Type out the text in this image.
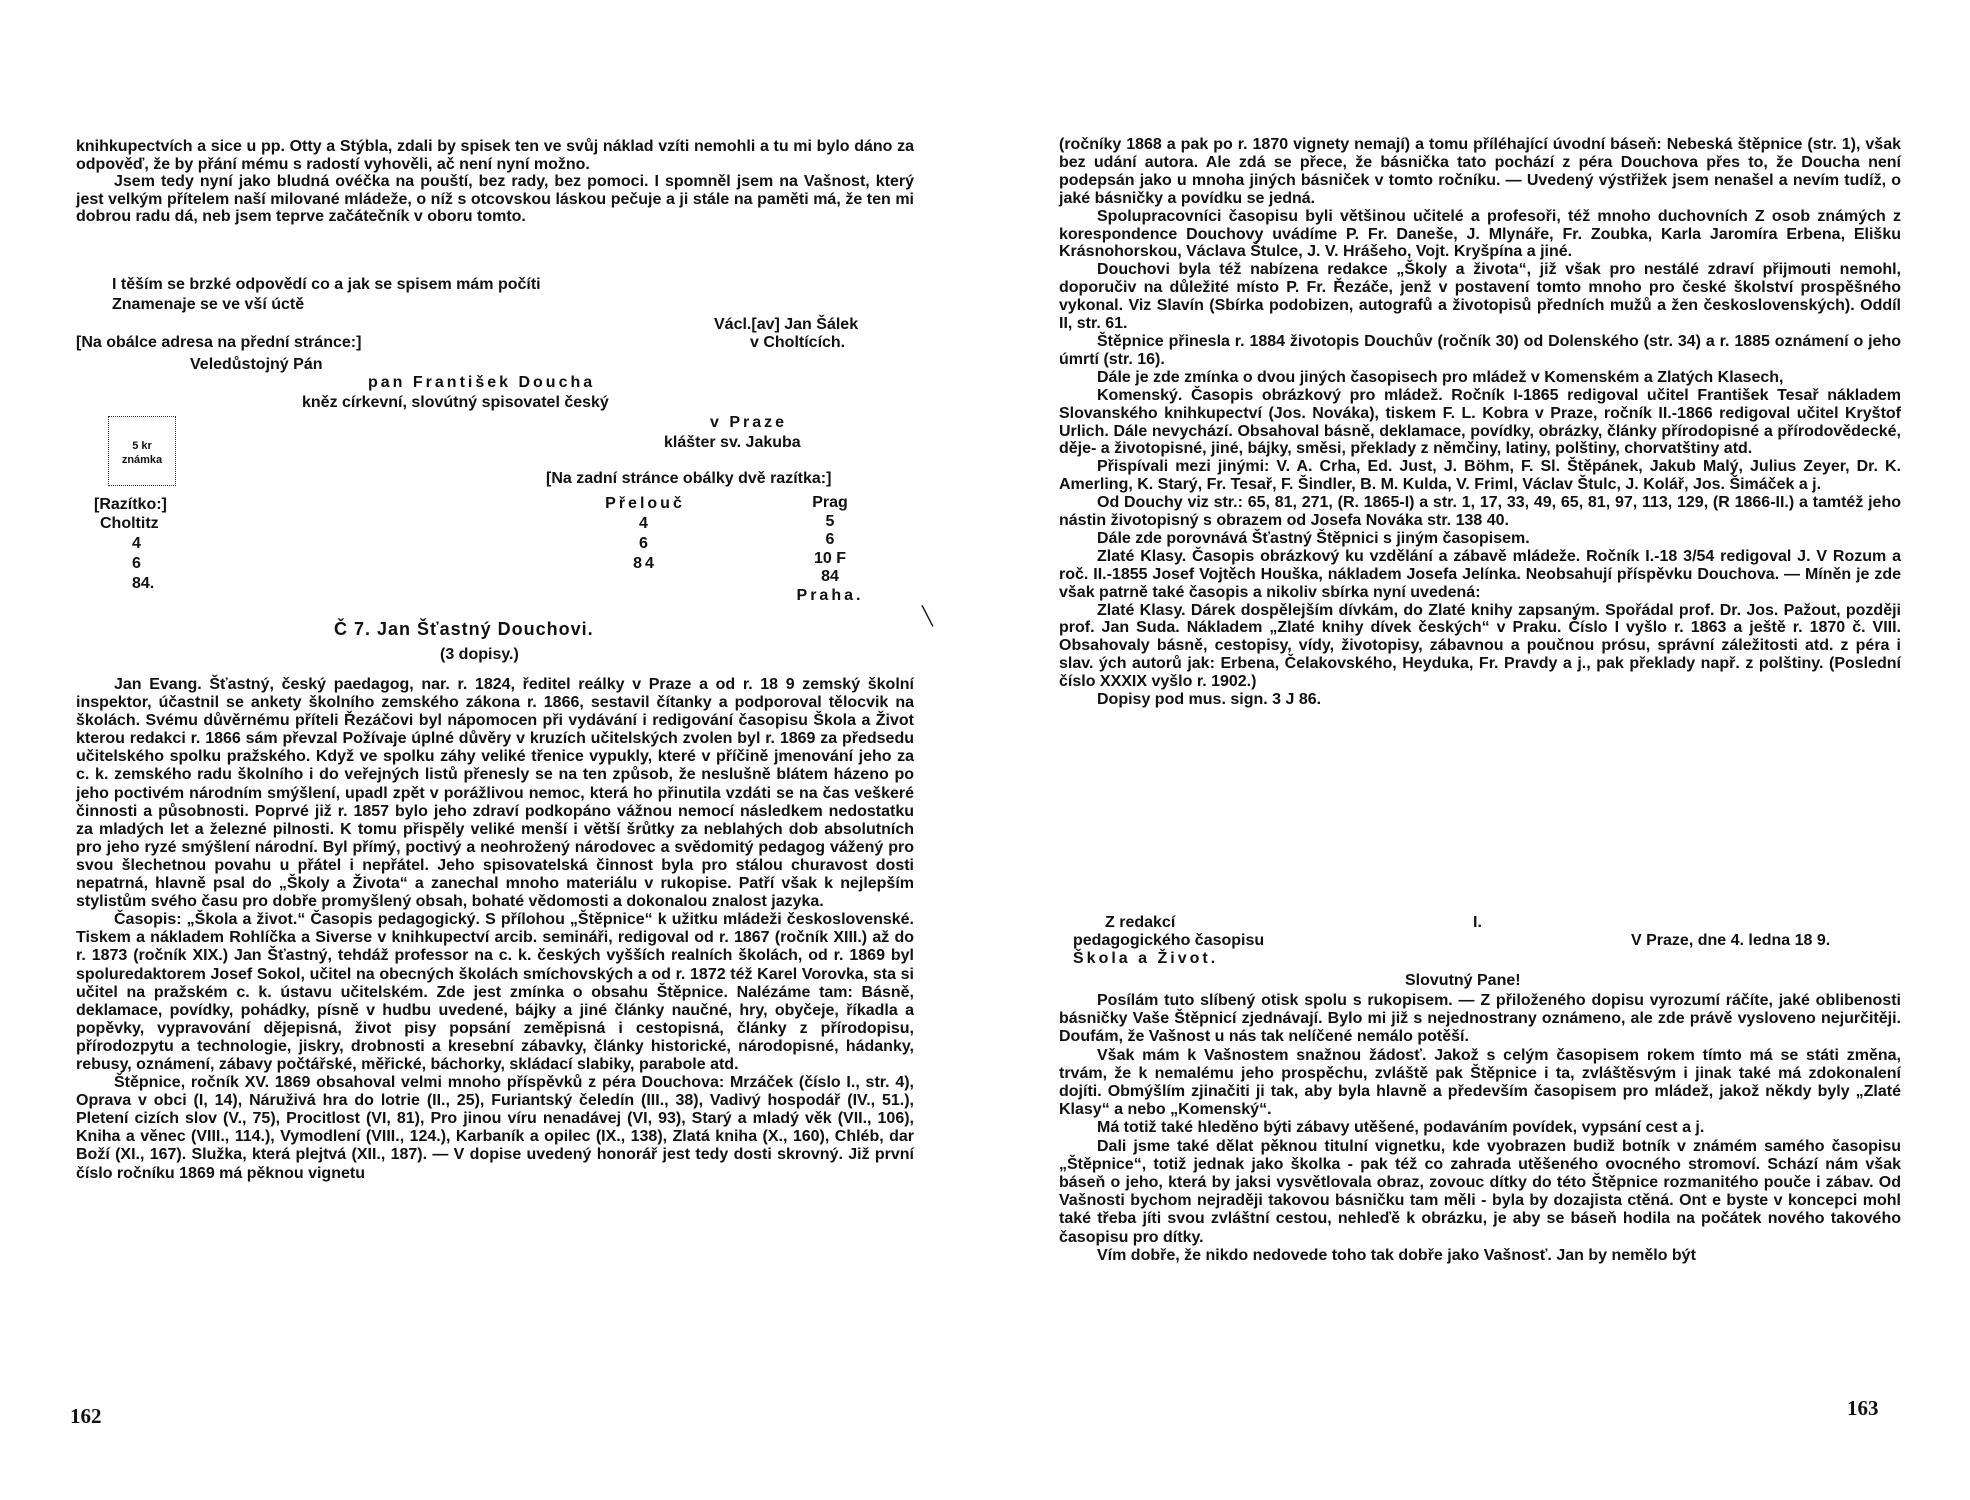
knihkupectvích a sice u pp. Otty a Stýbla, zdali by spisek ten ve svůj náklad vzíti nemohli a tu mi bylo dáno za odpověď, že by přání mému s radostí vyhověli, ač není nyní možno.
Jsem tedy nyní jako bludná ovéčka na pouští, bez rady, bez pomoci. I spomněl jsem na Vašnost, který jest velkým přítelem naší milované mládeže, o níž s otcovskou láskou pečuje a ji stále na paměti má, že ten mi dobrou radu dá, neb jsem teprve začátečník v oboru tomto.
I těším se brzké odpovědí co a jak se spisem mám počíti
Znamenaje se ve vší úctě
Václ.[av] Jan Šálek
v Choltících.
[Na obálce adresa na přední stránce:]
Veledůstojný Pán
pan František Doucha
kněz církevní, slovútný spisovatel český
v Praze
klášter sv. Jakuba
5 kr
známka
[Na zadní stránce obálky dvě razítka:]
[Razítko:]
Choltitz
4
6
84.
Přelouč
4
6
84
Prag
5
6
10 F
84
Praha.
╲
Č 7. Jan Šťastný Douchovi.
(3 dopisy.)
Jan Evang. Šťastný, český paedagog, nar. r. 1824, ředitel reálky v Praze a od r. 18 9 zemský školní inspektor, účastnil se ankety školního zemského zákona r. 1866, sestavil čítanky a podporoval tělocvik na školách. Svému důvěrnému příteli Řezáčovi byl nápomocen při vydávání i redigování časopisu Škola a Život kterou redakci r. 1866 sám převzal Požívaje úplné důvěry v kruzích učitelských zvolen byl r. 1869 za předsedu učitelského spolku pražského. Když ve spolku záhy veliké třenice vypukly, které v příčině jmenování jeho za c. k. zemského radu školního i do veřejných listů přenesly se na ten způsob, že neslušně blátem házeno po jeho poctivém národním smýšlení, upadl zpět v porážlivou nemoc, která ho přinutila vzdáti se na čas veškeré činnosti a působnosti. Poprvé již r. 1857 bylo jeho zdraví podkopáno vážnou nemocí následkem nedostatku za mladých let a železné pilnosti. K tomu přispěly veliké menší i větší šrůtky za neblahých dob absolutních pro jeho ryzé smýšlení národní. Byl přímý, poctivý a neohrožený národovec a svědomitý pedagog vážený pro svou šlechetnou povahu u přátel i nepřátel. Jeho spisovatelská činnost byla pro stálou churavost dosti nepatrná, hlavně psal do „Školy a Života“ a zanechal mnoho materiálu v rukopise. Patří však k nejlepším stylistům svého času pro dobře promyšlený obsah, bohaté vědomosti a dokonalou znalost jazyka.
Časopis: „Škola a život.“ Časopis pedagogický. S přílohou „Štěpnice“ k užitku mládeži československé. Tiskem a nákladem Rohlíčka a Siverse v knihkupectví arcib. semináři, redigoval od r. 1867 (ročník XIII.) až do r. 1873 (ročník XIX.) Jan Šťastný, tehdáž professor na c. k. českých vyšších realních školách, od r. 1869 byl spoluredaktorem Josef Sokol, učitel na obecných školách smíchovských a od r. 1872 též Karel Vorovka, sta si učitel na pražském c. k. ústavu učitelském. Zde jest zmínka o obsahu Štěpnice. Nalézáme tam: Básně, deklamace, povídky, pohádky, písně v hudbu uvedené, bájky a jiné články naučné, hry, obyčeje, říkadla a popěvky, vypravování dějepisná, život pisy popsání zeměpisná i cestopisná, články z přírodopisu, přírodozpytu a technologie, jiskry, drobnosti a kresební zábavky, články historické, národopisné, hádanky, rebusy, oznámení, zábavy počtářské, měřické, báchorky, skládací slabiky, parabole atd.
Štěpnice, ročník XV. 1869 obsahoval velmi mnoho příspěvků z péra Douchova: Mrzáček (číslo I., str. 4), Oprava v obci (I, 14), Náruživá hra do lotrie (II., 25), Furiantský čeledín (III., 38), Vadivý hospodář (IV., 51.), Pletení cizích slov (V., 75), Procitlost (VI, 81), Pro jinou víru nenadávej (VI, 93), Starý a mladý věk (VII., 106), Kniha a věnec (VIII., 114.), Vymodlení (VIII., 124.), Karbaník a opilec (IX., 138), Zlatá kniha (X., 160), Chléb, dar Boží (XI., 167). Služka, která plejtvá (XII., 187). — V dopise uvedený honorář jest tedy dosti skrovný. Již první číslo ročníku 1869 má pěknou vignetu
162
(ročníky 1868 a pak po r. 1870 vignety nemají) a tomu příléhající úvodní báseň: Nebeská štěpnice (str. 1), však bez udání autora. Ale zdá se přece, že básnička tato pochází z péra Douchova přes to, že Doucha není podepsán jako u mnoha jiných básniček v tomto ročníku. — Uvedený výstřižek jsem nenašel a nevím tudíž, o jaké básničky a povídku se jedná.
Spolupracovníci časopisu byli většinou učitelé a profesoři, též mnoho duchovních Z osob známých z korespondence Douchovy uvádíme P. Fr. Daneše, J. Mlynáře, Fr. Zoubka, Karla Jaromíra Erbena, Elišku Krásnohorskou, Václava Štulce, J. V. Hrášeho, Vojt. Kryšpína a jiné.
Douchovi byla též nabízena redakce „Školy a života“, již však pro nestálé zdraví přijmouti nemohl, doporučiv na důležité místo P. Fr. Řezáče, jenž v postavení tomto mnoho pro české školství prospěšného vykonal. Viz Slavín (Sbírka podobizen, autografů a životopisů předních mužů a žen československých). Oddíl II, str. 61.
Štěpnice přinesla r. 1884 životopis Douchův (ročník 30) od Dolenského (str. 34) a r. 1885 oznámení o jeho úmrtí (str. 16).
Dále je zde zmínka o dvou jiných časopisech pro mládež v Komenském a Zlatých Klasech,
Komenský. Časopis obrázkový pro mládež. Ročník I-1865 redigoval učitel František Tesař nákladem Slovanského knihkupectví (Jos. Nováka), tiskem F. L. Kobra v Praze, ročník II.-1866 redigoval učitel Kryštof Urlich. Dále nevychází. Obsahoval básně, deklamace, povídky, obrázky, články přírodopisné a přírodovědecké, děje- a životopisné, jiné, bájky, směsi, překlady z němčiny, latiny, polštiny, chorvatštiny atd.
Přispívali mezi jinými: V. A. Crha, Ed. Just, J. Böhm, F. Sl. Štěpánek, Jakub Malý, Julius Zeyer, Dr. K. Amerling, K. Starý, Fr. Tesař, F. Šindler, B. M. Kulda, V. Friml, Václav Štulc, J. Kolář, Jos. Šimáček a j.
Od Douchy viz str.: 65, 81, 271, (R. 1865-I) a str. 1, 17, 33, 49, 65, 81, 97, 113, 129, (R 1866-II.) a tamtéž jeho nástin životopisný s obrazem od Josefa Nováka str. 138 40.
Dále zde porovnává Šťastný Štěpnici s jiným časopisem.
Zlaté Klasy. Časopis obrázkový ku vzdělání a zábavě mládeže. Ročník I.-18 3/54 redigoval J. V Rozum a roč. II.-1855 Josef Vojtěch Houška, nákladem Josefa Jelínka. Neobsahují příspěvku Douchova. — Míněn je zde však patrně také časopis a nikoliv sbírka nyní uvedená:
Zlaté Klasy. Dárek dospělejším dívkám, do Zlaté knihy zapsaným. Spořádal prof. Dr. Jos. Pažout, později prof. Jan Suda. Nákladem „Zlaté knihy dívek českých“ v Praku. Číslo I vyšlo r. 1863 a ještě r. 1870 č. VIII. Obsahovaly básně, cestopisy, vídy, životopisy, zábavnou a poučnou prósu, správní záležitosti atd. z péra i slav. ých autorů jak: Erbena, Čelakovského, Heyduka, Fr. Pravdy a j., pak překlady např. z polštiny. (Poslední číslo XXXIX vyšlo r. 1902.)
Dopisy pod mus. sign. 3 J 86.
Z redakcí	I.
pedagogického časopisu	V Praze, dne 4. ledna 18 9.
Škola a Život.
Slovutný Pane!
Posílám tuto slíbený otisk spolu s rukopisem. — Z přiloženého dopisu vyrozumí ráčíte, jaké oblibenosti básničky Vaše Štěpnicí zjednávají. Bylo mi již s nejednostrany oznámeno, ale zde právě vysloveno nejurčitěji. Doufám, že Vašnost u nás tak nelíčené nemálo potěší.
Však mám k Vašnostem snažnou žádosť. Jakož s celým časopisem rokem tímto má se státi změna, trvám, že k nemalému jeho prospěchu, zvláště pak Štěpnice i ta, zvláštěsvým i jinak také má zdokonalení dojíti. Obmýšlím zjinačiti ji tak, aby byla hlavně a především časopisem pro mládež, jakož někdy byly „Zlaté Klasy“ a nebo „Komenský“.
Má totiž také hleděno býti zábavy utěšené, podaváním povídek, vypsání cest a j.
Dali jsme také dělat pěknou titulní vignetku, kde vyobrazen budiž botník v známém samého časopisu „Štěpnice“, totiž jednak jako školka - pak též co zahrada utěšeného ovocného stromoví. Schází nám však báseň o jeho, která by jaksi vysvětlovala obraz, zovouc dítky do této Štěpnice rozmanitého pouče i zábav. Od Vašnosti bychom nejraději takovou básničku tam měli - byla by dozajista ctěná. Ont e byste v koncepci mohl také třeba jíti svou zvláštní cestou, nehleďě k obrázku, je aby se báseň hodila na počátek nového takového časopisu pro dítky.
Vím dobře, že nikdo nedovede toho tak dobře jako Vašnosť. Jan by nemělo být
163
